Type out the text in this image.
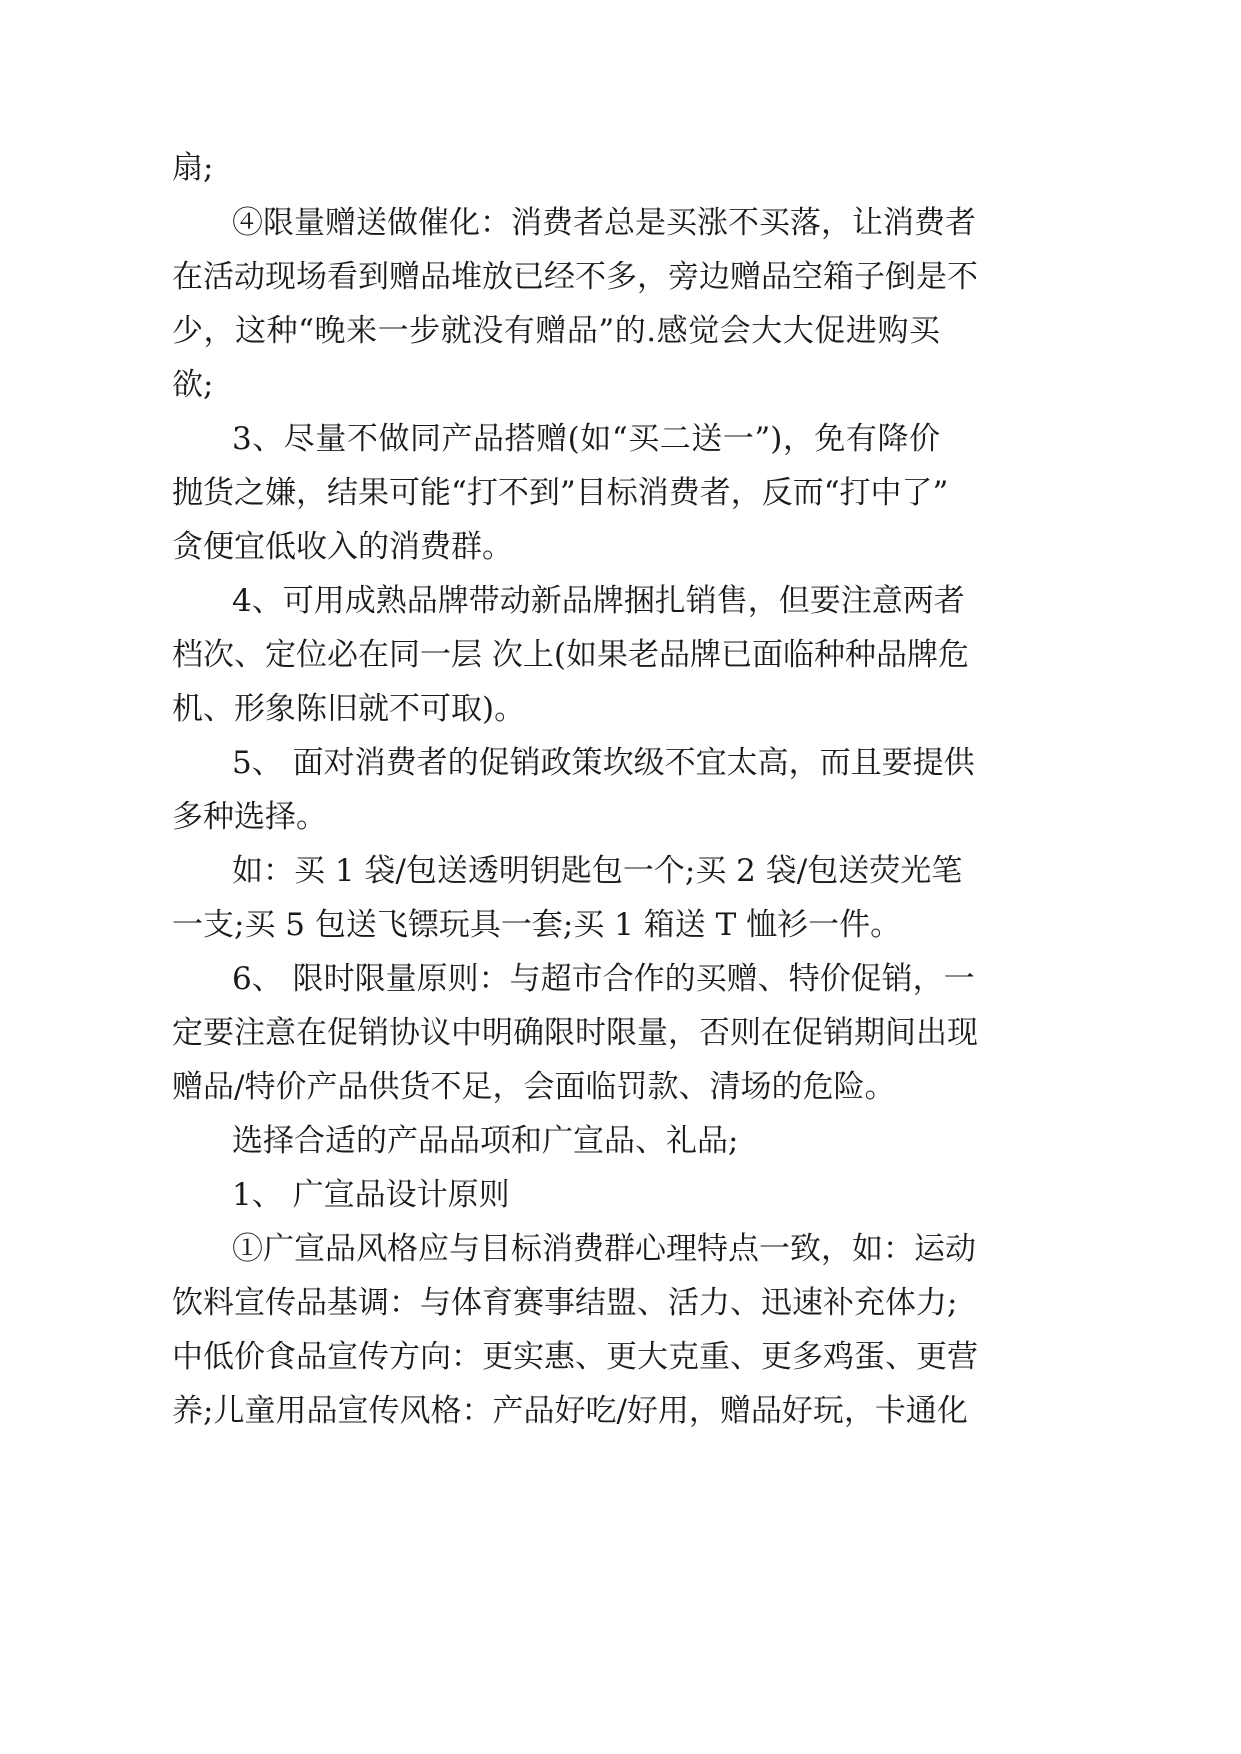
扇;
④限量赠送做催化：消费者总是买涨不买落，让消费者
在活动现场看到赠品堆放已经不多，旁边赠品空箱子倒是不
少，这种“晚来一步就没有赠品”的.感觉会大大促进购买
欲;
3、尽量不做同产品搭赠(如“买二送一”)，免有降价
抛货之嫌，结果可能“打不到”目标消费者，反而“打中了”
贪便宜低收入的消费群。
4、可用成熟品牌带动新品牌捆扎销售，但要注意两者
档次、定位必在同一层 次上(如果老品牌已面临种种品牌危
机、形象陈旧就不可取)。
5、 面对消费者的促销政策坎级不宜太高，而且要提供
多种选择。
如：买 1 袋/包送透明钥匙包一个;买 2 袋/包送荧光笔
一支;买 5 包送飞镖玩具一套;买 1 箱送 T 恤衫一件。
6、 限时限量原则：与超市合作的买赠、特价促销，一
定要注意在促销协议中明确限时限量，否则在促销期间出现
赠品/特价产品供货不足，会面临罚款、清场的危险。
选择合适的产品品项和广宣品、礼品;
1、 广宣品设计原则
①广宣品风格应与目标消费群心理特点一致，如：运动
饮料宣传品基调：与体育赛事结盟、活力、迅速补充体力;
中低价食品宣传方向：更实惠、更大克重、更多鸡蛋、更营
养;儿童用品宣传风格：产品好吃/好用，赠品好玩，卡通化
